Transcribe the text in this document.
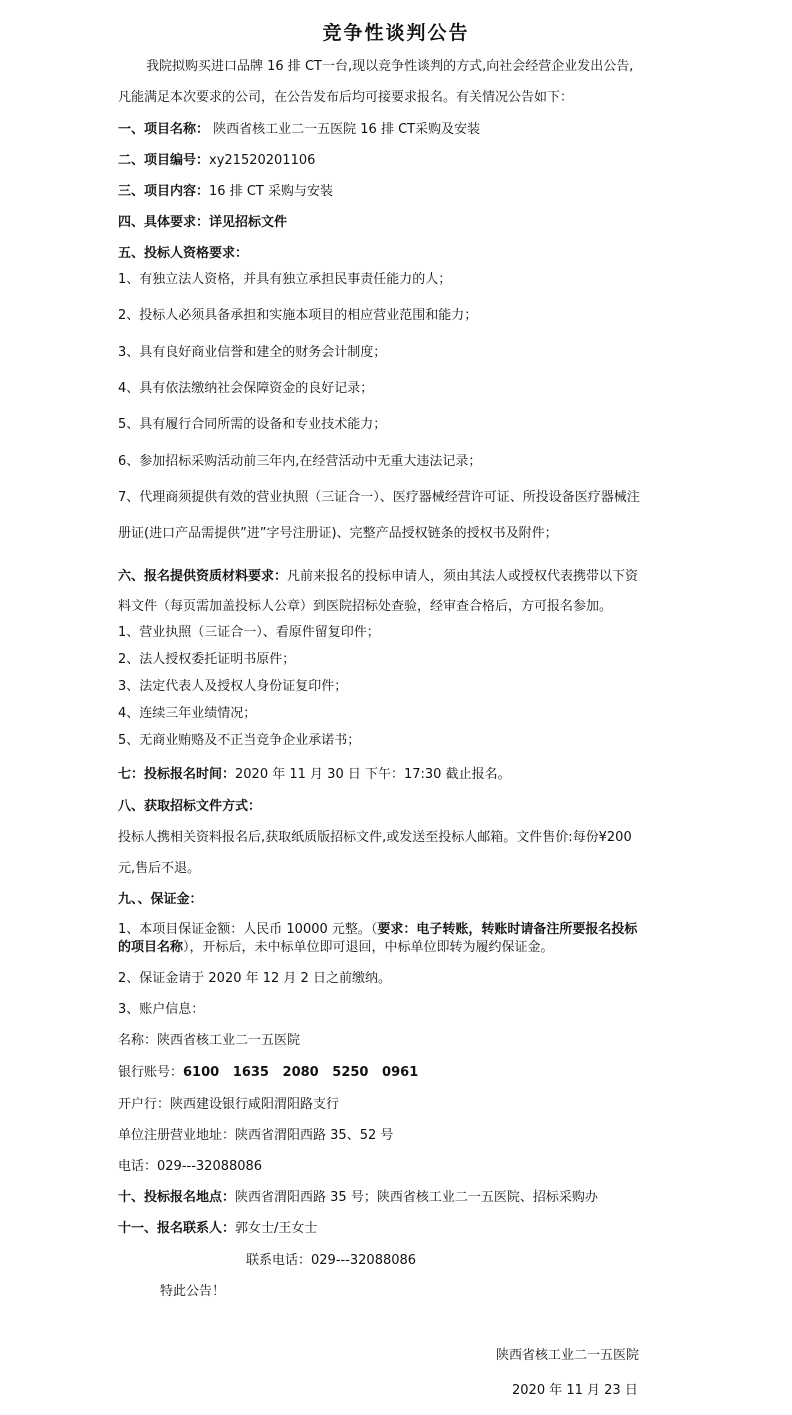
竞争性谈判公告
我院拟购买进口品牌 16 排 CT一台,现以竞争性谈判的方式,向社会经营企业发出公告,
凡能满足本次要求的公司，在公告发布后均可接要求报名。有关情况公告如下：
一、项目名称： 陕西省核工业二一五医院 16 排 CT采购及安装
二、项目编号：xy21520201106
三、项目内容：16 排 CT 采购与安装
四、具体要求：详见招标文件
五、投标人资格要求：
1、有独立法人资格，并具有独立承担民事责任能力的人；
2、投标人必须具备承担和实施本项目的相应营业范围和能力；
3、具有良好商业信誉和建全的财务会计制度；
4、具有依法缴纳社会保障资金的良好记录；
5、具有履行合同所需的设备和专业技术能力；
6、参加招标采购活动前三年内,在经营活动中无重大违法记录；
7、代理商须提供有效的营业执照（三证合一）、医疗器械经营许可证、所投设备医疗器械注
册证(进口产品需提供”进”字号注册证)、完整产品授权链条的授权书及附件；
六、报名提供资质材料要求：凡前来报名的投标申请人，须由其法人或授权代表携带以下资
料文件（每页需加盖投标人公章）到医院招标处查验，经审查合格后，方可报名参加。
1、营业执照（三证合一）、看原件留复印件；
2、法人授权委托证明书原件；
3、法定代表人及授权人身份证复印件；
4、连续三年业绩情况；
5、无商业贿赂及不正当竞争企业承诺书；
七：投标报名时间：2020 年 11 月 30 日 下午：17:30 截止报名。
八、获取招标文件方式：
投标人携相关资料报名后,获取纸质版招标文件,或发送至投标人邮箱。文件售价:每份¥200
元,售后不退。
九、、保证金：
1、本项目保证金额：人民币 10000 元整。（要求：电子转账，转账时请备注所要报名投标
的项目名称），开标后，未中标单位即可退回，中标单位即转为履约保证金。
2、保证金请于 2020 年 12 月 2 日之前缴纳。
3、账户信息：
名称：陕西省核工业二一五医院
银行账号：6100   1635   2080   5250   0961
开户行：陕西建设银行咸阳渭阳路支行
单位注册营业地址：陕西省渭阳西路 35、52 号
电话：029---32088086
十、投标报名地点：陕西省渭阳西路 35 号；陕西省核工业二一五医院、招标采购办
十一、报名联系人：郭女士/王女士
联系电话：029---32088086
特此公告！
陕西省核工业二一五医院
2020 年 11 月 23 日
